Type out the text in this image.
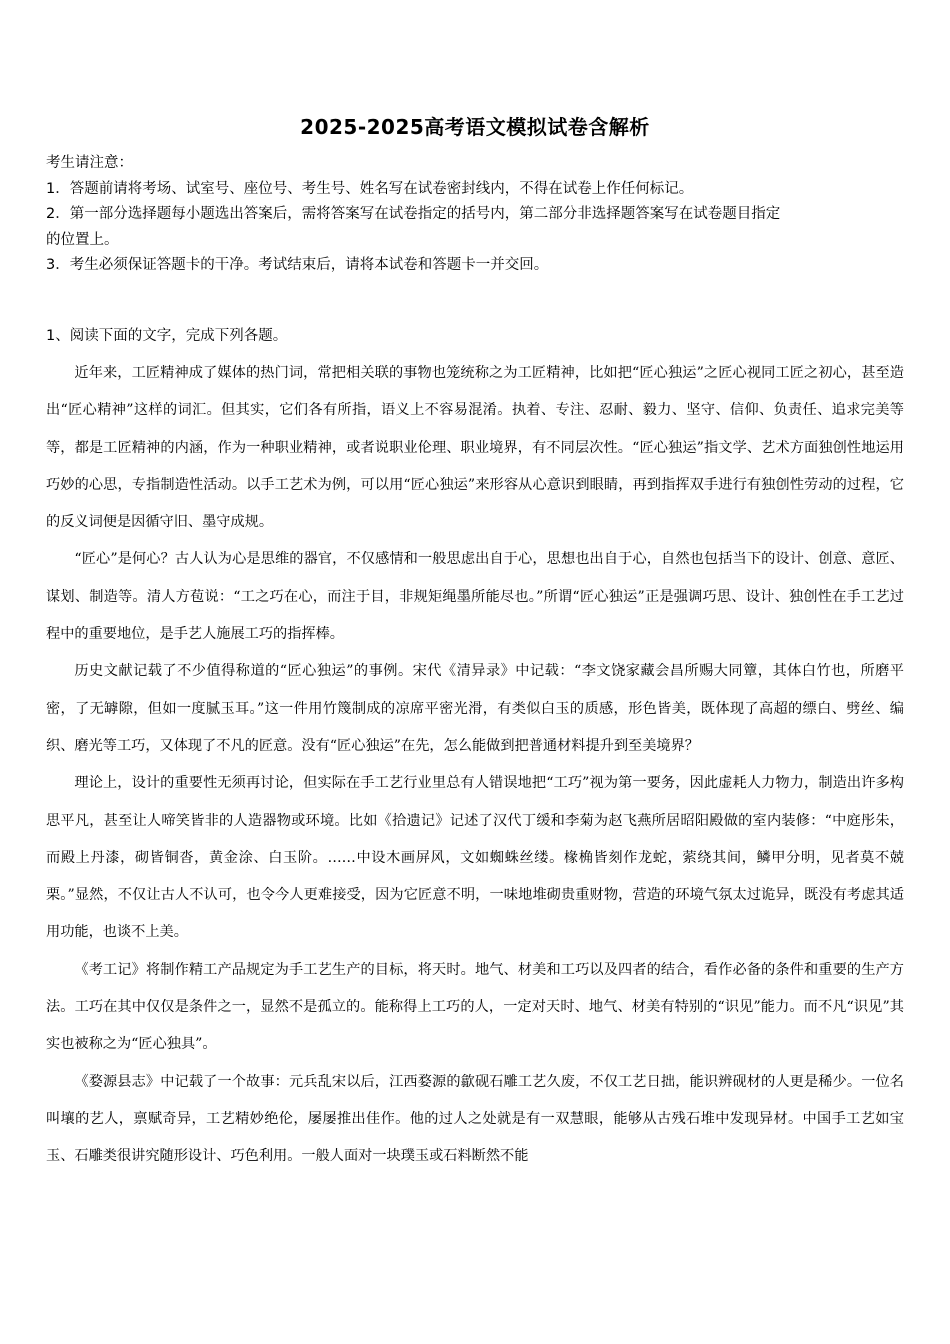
2025-2025高考语文模拟试卷含解析
考生请注意：
1．答题前请将考场、试室号、座位号、考生号、姓名写在试卷密封线内，不得在试卷上作任何标记。
2．第一部分选择题每小题选出答案后，需将答案写在试卷指定的括号内，第二部分非选择题答案写在试卷题目指定
的位置上。
3．考生必须保证答题卡的干净。考试结束后，请将本试卷和答题卡一并交回。
1、阅读下面的文字，完成下列各题。

近年来，工匠精神成了媒体的热门词，常把相关联的事物也笼统称之为工匠精神，比如把“匠心独运”之匠心视同工匠之初心，甚至造出“匠心精神”这样的词汇。但其实，它们各有所指，语义上不容易混淆。执着、专注、忍耐、毅力、坚守、信仰、负责任、追求完美等等，都是工匠精神的内涵，作为一种职业精神，或者说职业伦理、职业境界，有不同层次性。“匠心独运”指文学、艺术方面独创性地运用巧妙的心思，专指制造性活动。以手工艺术为例，可以用“匠心独运”来形容从心意识到眼睛，再到指挥双手进行有独创性劳动的过程，它的反义词便是因循守旧、墨守成规。

“匠心”是何心？古人认为心是思维的器官，不仅感情和一般思虑出自于心，思想也出自于心，自然也包括当下的设计、创意、意匠、谋划、制造等。清人方苞说：“工之巧在心，而注于目，非规矩绳墨所能尽也。”所谓“匠心独运”正是强调巧思、设计、独创性在手工艺过程中的重要地位，是手艺人施展工巧的指挥棒。

历史文献记载了不少值得称道的“匠心独运”的事例。宋代《清异录》中记载：“李文饶家藏会昌所赐大同簟，其体白竹也，所磨平密，了无罅隙，但如一度腻玉耳。”这一件用竹篾制成的凉席平密光滑，有类似白玉的质感，形色皆美，既体现了高超的缥白、劈丝、编织、磨光等工巧，又体现了不凡的匠意。没有“匠心独运”在先，怎么能做到把普通材料提升到至美境界？

理论上，设计的重要性无须再讨论，但实际在手工艺行业里总有人错误地把“工巧”视为第一要务，因此虚耗人力物力，制造出许多构思平凡，甚至让人啼笑皆非的人造器物或环境。比如《拾遗记》记述了汉代丁缓和李菊为赵飞燕所居昭阳殿做的室内装修：“中庭彤朱，而殿上丹漆，砌皆铜沓，黄金涂、白玉阶。……中设木画屏风，文如蜘蛛丝缕。椽桷皆刻作龙蛇，萦绕其间，鳞甲分明，见者莫不兢栗。”显然，不仅让古人不认可，也令今人更难接受，因为它匠意不明，一味地堆砌贵重财物，营造的环境气氛太过诡异，既没有考虑其适用功能，也谈不上美。

《考工记》将制作精工产品规定为手工艺生产的目标，将天时。地气、材美和工巧以及四者的结合，看作必备的条件和重要的生产方法。工巧在其中仅仅是条件之一，显然不是孤立的。能称得上工巧的人，一定对天时、地气、材美有特别的“识见”能力。而不凡“识见”其实也被称之为“匠心独具”。

《婺源县志》中记载了一个故事：元兵乱宋以后，江西婺源的歙砚石雕工艺久废，不仅工艺日拙，能识辨砚材的人更是稀少。一位名叫壤的艺人，禀赋奇异，工艺精妙绝伦，屡屡推出佳作。他的过人之处就是有一双慧眼，能够从古残石堆中发现异材。中国手工艺如宝玉、石雕类很讲究随形设计、巧色利用。一般人面对一块璞玉或石料断然不能
